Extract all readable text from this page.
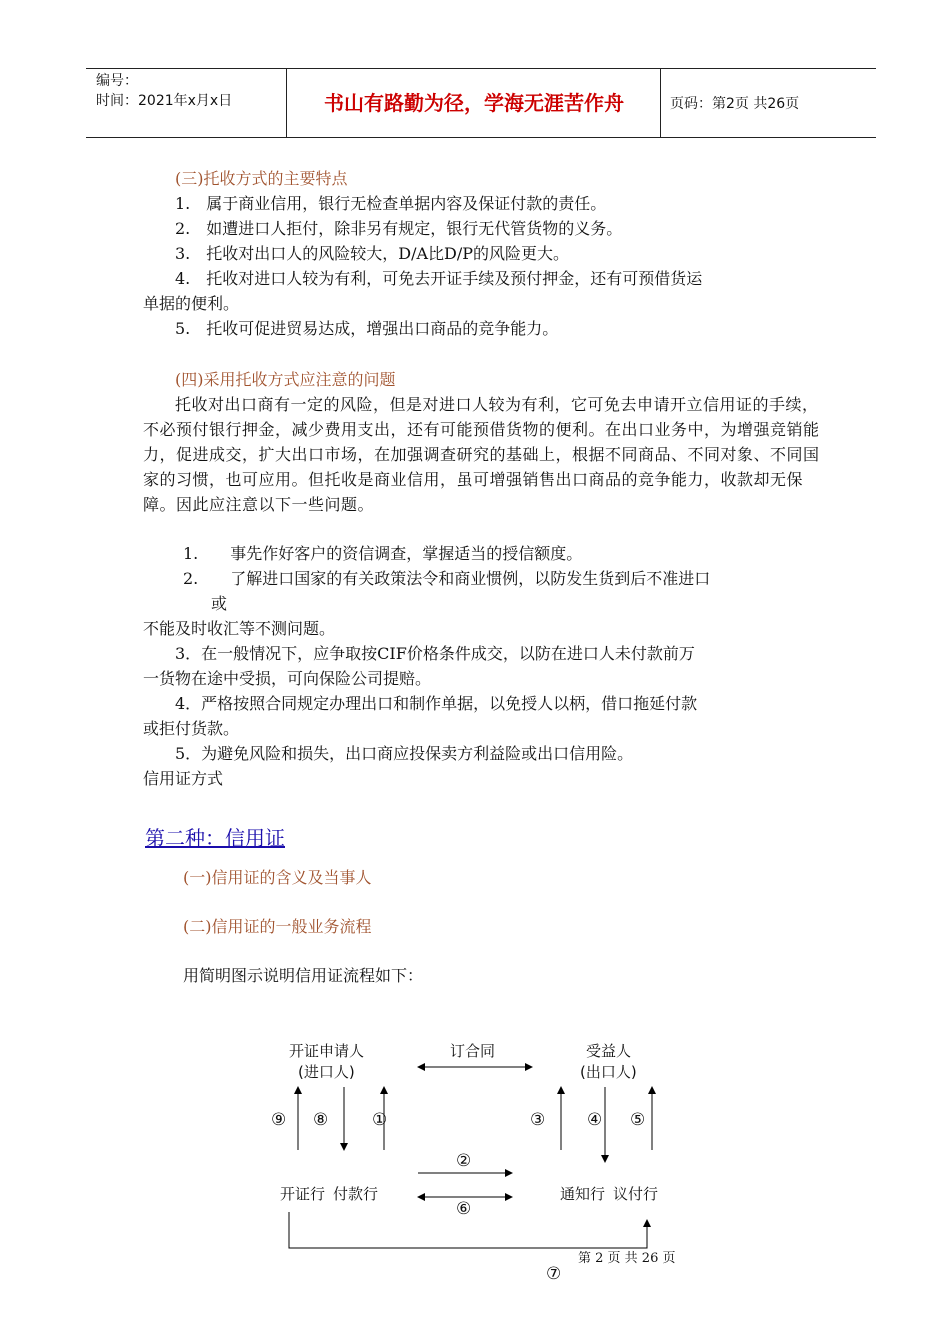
编号：
时间：2021年x月x日	书山有路勤为径，学海无涯苦作舟	页码：第2页 共26页
(三)托收方式的主要特点
1.　属于商业信用，银行无检查单据内容及保证付款的责任。
2.　如遭进口人拒付，除非另有规定，银行无代管货物的义务。
3.　托收对出口人的风险较大，D/A比D/P的风险更大。
4.　托收对进口人较为有利，可免去开证手续及预付押金，还有可预借货运
单据的便利。
5.　托收可促进贸易达成，增强出口商品的竞争能力。
(四)采用托收方式应注意的问题
托收对出口商有一定的风险，但是对进口人较为有利，它可免去申请开立信用证的手续，不必预付银行押金，减少费用支出，还有可能预借货物的便利。在出口业务中，为增强竞销能力，促进成交，扩大出口市场，在加强调查研究的基础上，根据不同商品、不同对象、不同国家的习惯，也可应用。但托收是商业信用，虽可增强销售出口商品的竞争能力，收款却无保障。因此应注意以下一些问题。
1.　　事先作好客户的资信调查，掌握适当的授信额度。
2.　　了解进口国家的有关政策法令和商业惯例，以防发生货到后不准进口
或
不能及时收汇等不测问题。
3．在一般情况下，应争取按CIF价格条件成交，以防在进口人未付款前万
一货物在途中受损，可向保险公司提赔。
4．严格按照合同规定办理出口和制作单据，以免授人以柄，借口拖延付款
或拒付货款。
5．为避免风险和损失，出口商应投保卖方利益险或出口信用险。
信用证方式
第二种：信用证
(一)信用证的含义及当事人
(二)信用证的一般业务流程
用简明图示说明信用证流程如下：
开证申请人
(进口人)
订合同	受益人
(出口人)
开证行 付款行	通知行 议付行
⑨ ⑧	①	③ ④ ⑤
②
⑥
⑦
第 2 页 共 26 页
